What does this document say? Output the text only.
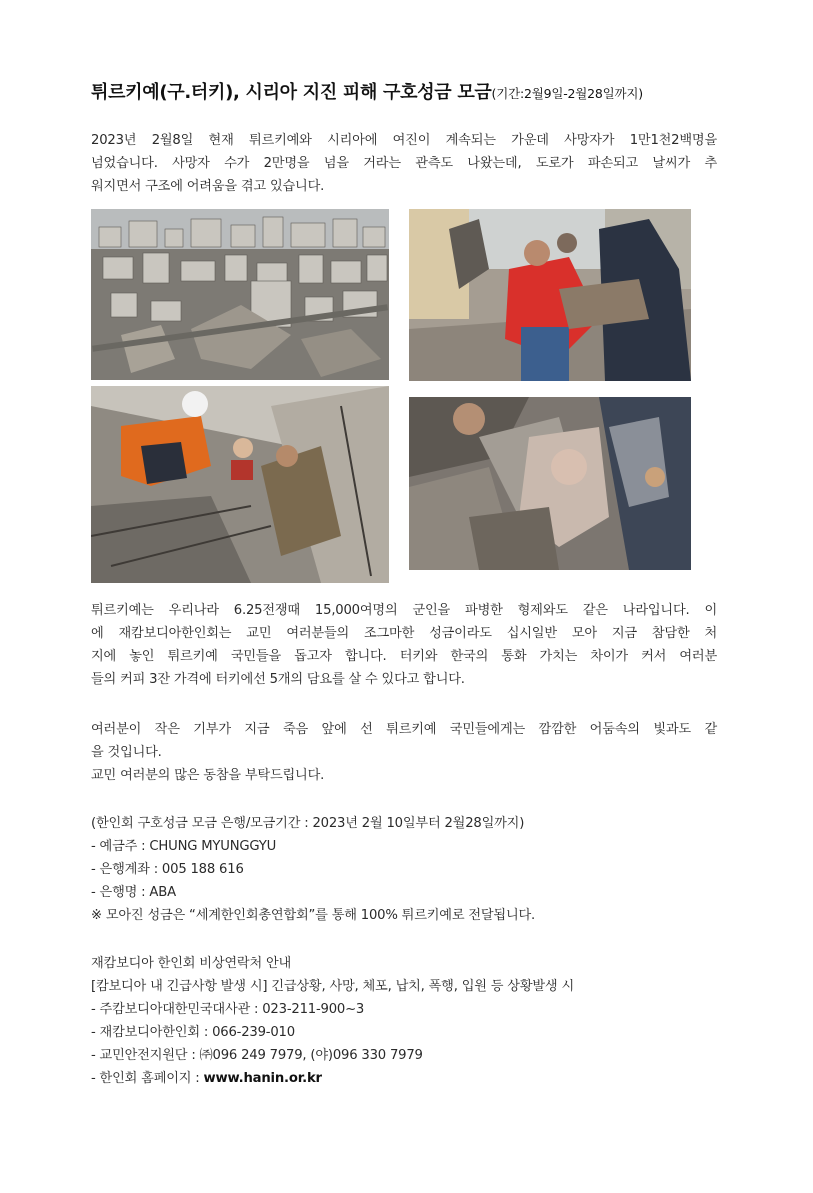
튀르키예(구.터키), 시리아 지진 피해 구호성금 모금(기간:2월9일-2월28일까지)
2023년 2월8일 현재 튀르키예와 시리아에 여진이 계속되는 가운데 사망자가 1만1천2백명을
넘었습니다. 사망자 수가 2만명을 넘을 거라는 관측도 나왔는데, 도로가 파손되고 날씨가 추
워지면서 구조에 어려움을 겪고 있습니다.
튀르키예는 우리나라 6.25전쟁때 15,000여명의 군인을 파병한 형제와도 같은 나라입니다. 이
에 재캄보디아한인회는 교민 여러분들의 조그마한 성금이라도 십시일반 모아 지금 참담한 처
지에 놓인 튀르키예 국민들을 돕고자 합니다. 터키와 한국의 통화 가치는 차이가 커서 여러분
들의 커피 3잔 가격에 터키에선 5개의 담요를 살 수 있다고 합니다.
여러분이 작은 기부가 지금 죽음 앞에 선 튀르키예 국민들에게는 깜깜한 어둠속의 빛과도 같
을 것입니다.
교민 여러분의 많은 동참을 부탁드립니다.
(한인회 구호성금 모금 은행/모금기간 : 2023년 2월 10일부터 2월28일까지)
- 예금주 : CHUNG MYUNGGYU
- 은행계좌 : 005 188 616
- 은행명 : ABA
※ 모아진 성금은 “세계한인회총연합회”를 통해 100% 튀르키예로 전달됩니다.
재캄보디아 한인회 비상연락처 안내
[캄보디아 내 긴급사항 발생 시] 긴급상황, 사망, 체포, 납치, 폭행, 입원 등 상황발생 시
- 주캄보디아대한민국대사관 : 023-211-900~3
- 재캄보디아한인회 : 066-239-010
- 교민안전지원단 : ㈜096 249 7979, (야)096 330 7979
- 한인회 홈페이지 : www.hanin.or.kr
